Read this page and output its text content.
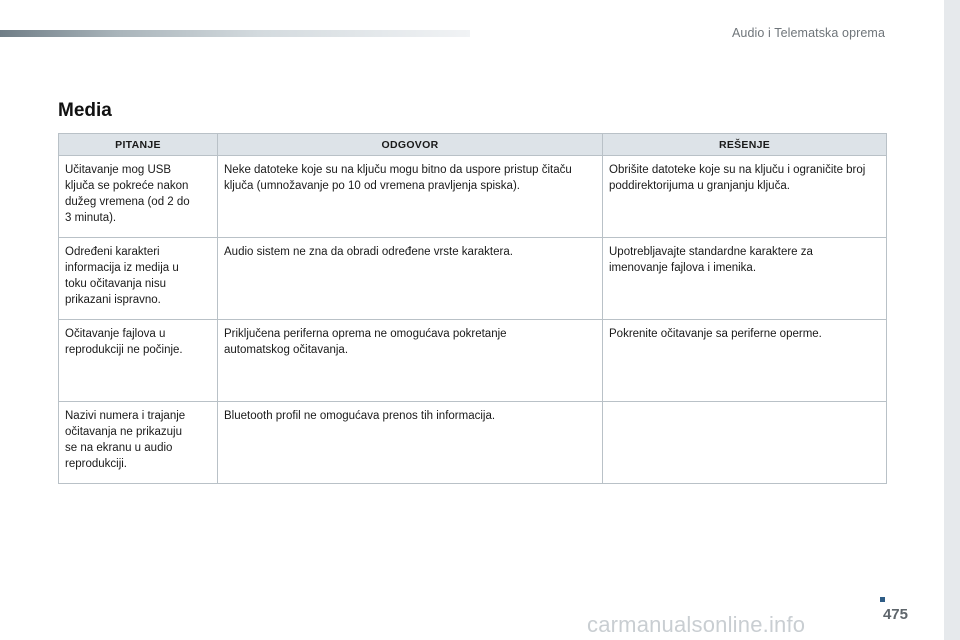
Audio i Telematska oprema
Media
PITANJE	ODGOVOR	REŠENJE
Učitavanje mog USB ključa se pokreće nakon dužeg vremena (od 2 do 3 minuta).	Neke datoteke koje su na ključu mogu bitno da uspore pristup čitaču ključa (umnožavanje po 10 od vremena pravljenja spiska).	Obrišite datoteke koje su na ključu i ograničite broj poddirektorijuma u granjanju ključa.
Određeni karakteri informacija iz medija u toku očitavanja nisu prikazani ispravno.	Audio sistem ne zna da obradi određene vrste karaktera.	Upotrebljavajte standardne karaktere za imenovanje fajlova i imenika.
Očitavanje fajlova u reprodukciji ne počinje.	Priključena periferna oprema ne omogućava pokretanje automatskog očitavanja.	Pokrenite očitavanje sa periferne operme.
Nazivi numera i trajanje očitavanja ne prikazuju se na ekranu u audio reprodukciji.	Bluetooth profil ne omogućava prenos tih informacija.	
475
carmanualsonline.info
